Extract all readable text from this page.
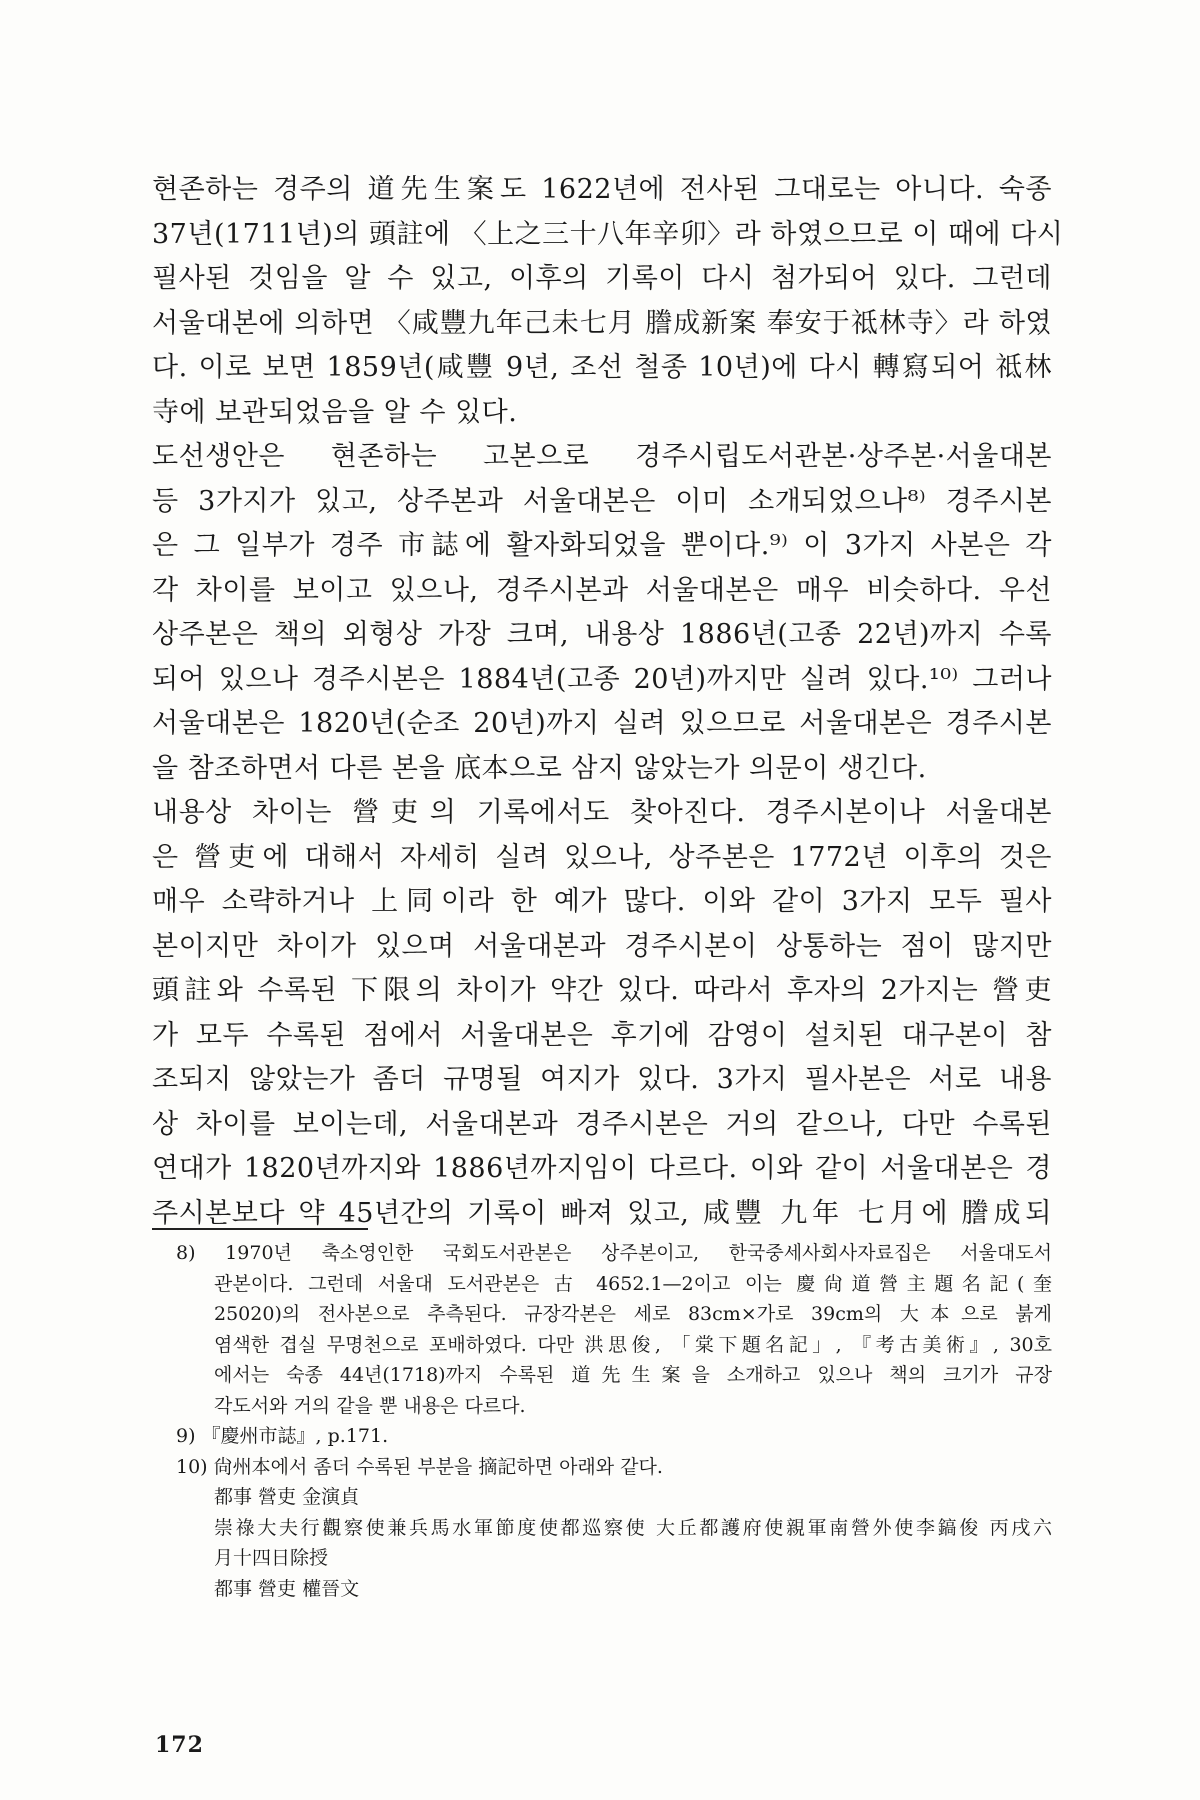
현존하는 경주의 道先生案도 1622년에 전사된 그대로는 아니다. 숙종

37년(1711년)의 頭註에 〈上之三十八年辛卯〉라 하였으므로 이 때에 다시

필사된 것임을 알 수 있고, 이후의 기록이 다시 첨가되어 있다. 그런데

서울대본에 의하면 〈咸豐九年己未七月 謄成新案 奉安于祗林寺〉라 하였

다. 이로 보면 1859년(咸豐 9년, 조선 철종 10년)에 다시 轉寫되어 祗林

寺에 보관되었음을 알 수 있다.

도선생안은 현존하는 고본으로 경주시립도서관본·상주본·서울대본

등 3가지가 있고, 상주본과 서울대본은 이미 소개되었으나⁸⁾ 경주시본

은 그 일부가 경주 市誌에 활자화되었을 뿐이다.⁹⁾ 이 3가지 사본은 각

각 차이를 보이고 있으나, 경주시본과 서울대본은 매우 비슷하다. 우선

상주본은 책의 외형상 가장 크며, 내용상 1886년(고종 22년)까지 수록

되어 있으나 경주시본은 1884년(고종 20년)까지만 실려 있다.¹⁰⁾ 그러나

서울대본은 1820년(순조 20년)까지 실려 있으므로 서울대본은 경주시본

을 참조하면서 다른 본을 底本으로 삼지 않았는가 의문이 생긴다.

내용상 차이는 營吏의 기록에서도 찾아진다. 경주시본이나 서울대본

은 營吏에 대해서 자세히 실려 있으나, 상주본은 1772년 이후의 것은

매우 소략하거나 上同이라 한 예가 많다. 이와 같이 3가지 모두 필사

본이지만 차이가 있으며 서울대본과 경주시본이 상통하는 점이 많지만

頭註와 수록된 下限의 차이가 약간 있다. 따라서 후자의 2가지는 營吏

가 모두 수록된 점에서 서울대본은 후기에 감영이 설치된 대구본이 참

조되지 않았는가 좀더 규명될 여지가 있다. 3가지 필사본은 서로 내용

상 차이를 보이는데, 서울대본과 경주시본은 거의 같으나, 다만 수록된

연대가 1820년까지와 1886년까지임이 다르다. 이와 같이 서울대본은 경

주시본보다 약 45년간의 기록이 빠져 있고, 咸豐 九年 七月에 謄成되

8) 1970년 축소영인한 국회도서관본은 상주본이고, 한국중세사회사자료집은 서울대도서

관본이다. 그런데 서울대 도서관본은 古 4652.1—2이고 이는 慶尙道營主題名記(奎

25020)의 전사본으로 추측된다. 규장각본은 세로 83cm×가로 39cm의 大本으로 붉게

염색한 겹실 무명천으로 포배하였다. 다만 洪思俊, 「棠下題名記」, 『考古美術』, 30호

에서는 숙종 44년(1718)까지 수록된 道先生案을 소개하고 있으나 책의 크기가 규장

각도서와 거의 같을 뿐 내용은 다르다.

9) 『慶州市誌』, p.171.

10) 尙州本에서 좀더 수록된 부분을 摘記하면 아래와 같다.

都事 營吏 金演貞

崇祿大夫行觀察使兼兵馬水軍節度使都巡察使 大丘都護府使親軍南營外使李鎬俊 丙戌六

月十四日除授

都事 營吏 權晉文

172
